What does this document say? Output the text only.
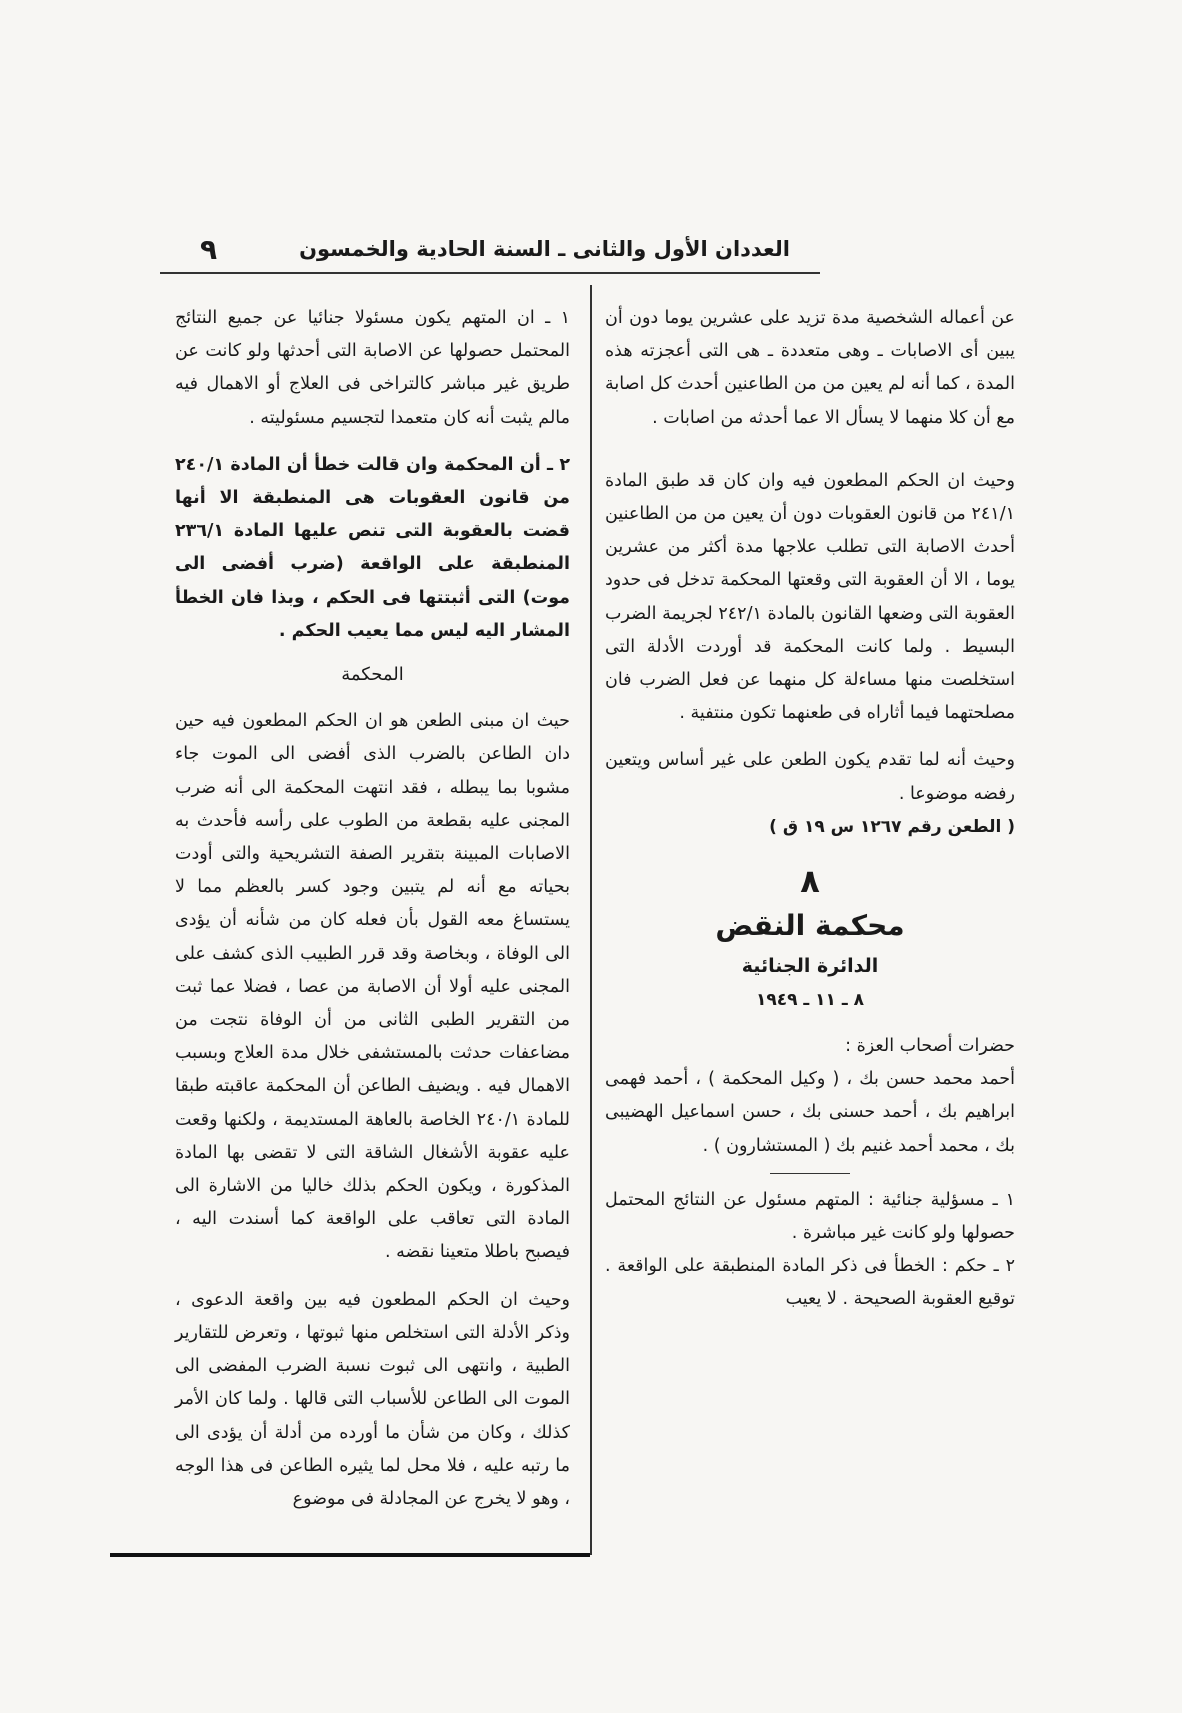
العددان الأول والثانى ـ السنة الحادية والخمسون
٩

عن أعماله الشخصية مدة تزيد على عشرين يوما دون أن يبين أى الاصابات ـ وهى متعددة ـ هى التى أعجزته هذه المدة ، كما أنه لم يعين من من الطاعنين أحدث كل اصابة مع أن كلا منهما لا يسأل الا عما أحدثه من اصابات .

وحيث ان الحكم المطعون فيه وان كان قد طبق المادة ٢٤١/١ من قانون العقوبات دون أن يعين من من الطاعنين أحدث الاصابة التى تطلب علاجها مدة أكثر من عشرين يوما ، الا أن العقوبة التى وقعتها المحكمة تدخل فى حدود العقوبة التى وضعها القانون بالمادة ٢٤٢/١ لجريمة الضرب البسيط . ولما كانت المحكمة قد أوردت الأدلة التى استخلصت منها مساءلة كل منهما عن فعل الضرب فان مصلحتهما فيما أثاراه فى طعنهما تكون منتفية .

وحيث أنه لما تقدم يكون الطعن على غير أساس ويتعين رفضه موضوعا .

( الطعن رقم ١٢٦٧ س ١٩ ق )

٨
محكمة النقض
الدائرة الجنائية
٨ ـ ١١ ـ ١٩٤٩

حضرات أصحاب العزة :

أحمد محمد حسن بك ، ( وكيل المحكمة ) ، أحمد فهمى ابراهيم بك ، أحمد حسنى بك ، حسن اسماعيل الهضيبى بك ، محمد أحمد غنيم بك ( المستشارون ) .

١ ـ مسؤلية جنائية : المتهم مسئول عن النتائج المحتمل حصولها ولو كانت غير مباشرة .

٢ ـ حكم : الخطأ فى ذكر المادة المنطبقة على الواقعة . توقيع العقوبة الصحيحة . لا يعيب

١ ـ ان المتهم يكون مسئولا جنائيا عن جميع النتائج المحتمل حصولها عن الاصابة التى أحدثها ولو كانت عن طريق غير مباشر كالتراخى فى العلاج أو الاهمال فيه مالم يثبت أنه كان متعمدا لتجسيم مسئوليته .

٢ ـ أن المحكمة وان قالت خطأ أن المادة ٢٤٠/١ من قانون العقوبات هى المنطبقة الا أنها قضت بالعقوبة التى تنص عليها المادة ٢٣٦/١ المنطبقة على الواقعة (ضرب أفضى الى موت) التى أثبتتها فى الحكم ، وبذا فان الخطأ المشار اليه ليس مما يعيب الحكم .

المحكمة

حيث ان مبنى الطعن هو ان الحكم المطعون فيه حين دان الطاعن بالضرب الذى أفضى الى الموت جاء مشوبا بما يبطله ، فقد انتهت المحكمة الى أنه ضرب المجنى عليه بقطعة من الطوب على رأسه فأحدث به الاصابات المبينة بتقرير الصفة التشريحية والتى أودت بحياته مع أنه لم يتبين وجود كسر بالعظم مما لا يستساغ معه القول بأن فعله كان من شأنه أن يؤدى الى الوفاة ، وبخاصة وقد قرر الطبيب الذى كشف على المجنى عليه أولا أن الاصابة من عصا ، فضلا عما ثبت من التقرير الطبى الثانى من أن الوفاة نتجت من مضاعفات حدثت بالمستشفى خلال مدة العلاج وبسبب الاهمال فيه . ويضيف الطاعن أن المحكمة عاقبته طبقا للمادة ٢٤٠/١ الخاصة بالعاهة المستديمة ، ولكنها وقعت عليه عقوبة الأشغال الشاقة التى لا تقضى بها المادة المذكورة ، ويكون الحكم بذلك خاليا من الاشارة الى المادة التى تعاقب على الواقعة كما أسندت اليه ، فيصبح باطلا متعينا نقضه .

وحيث ان الحكم المطعون فيه بين واقعة الدعوى ، وذكر الأدلة التى استخلص منها ثبوتها ، وتعرض للتقارير الطبية ، وانتهى الى ثبوت نسبة الضرب المفضى الى الموت الى الطاعن للأسباب التى قالها . ولما كان الأمر كذلك ، وكان من شأن ما أورده من أدلة أن يؤدى الى ما رتبه عليه ، فلا محل لما يثيره الطاعن فى هذا الوجه ، وهو لا يخرج عن المجادلة فى موضوع
